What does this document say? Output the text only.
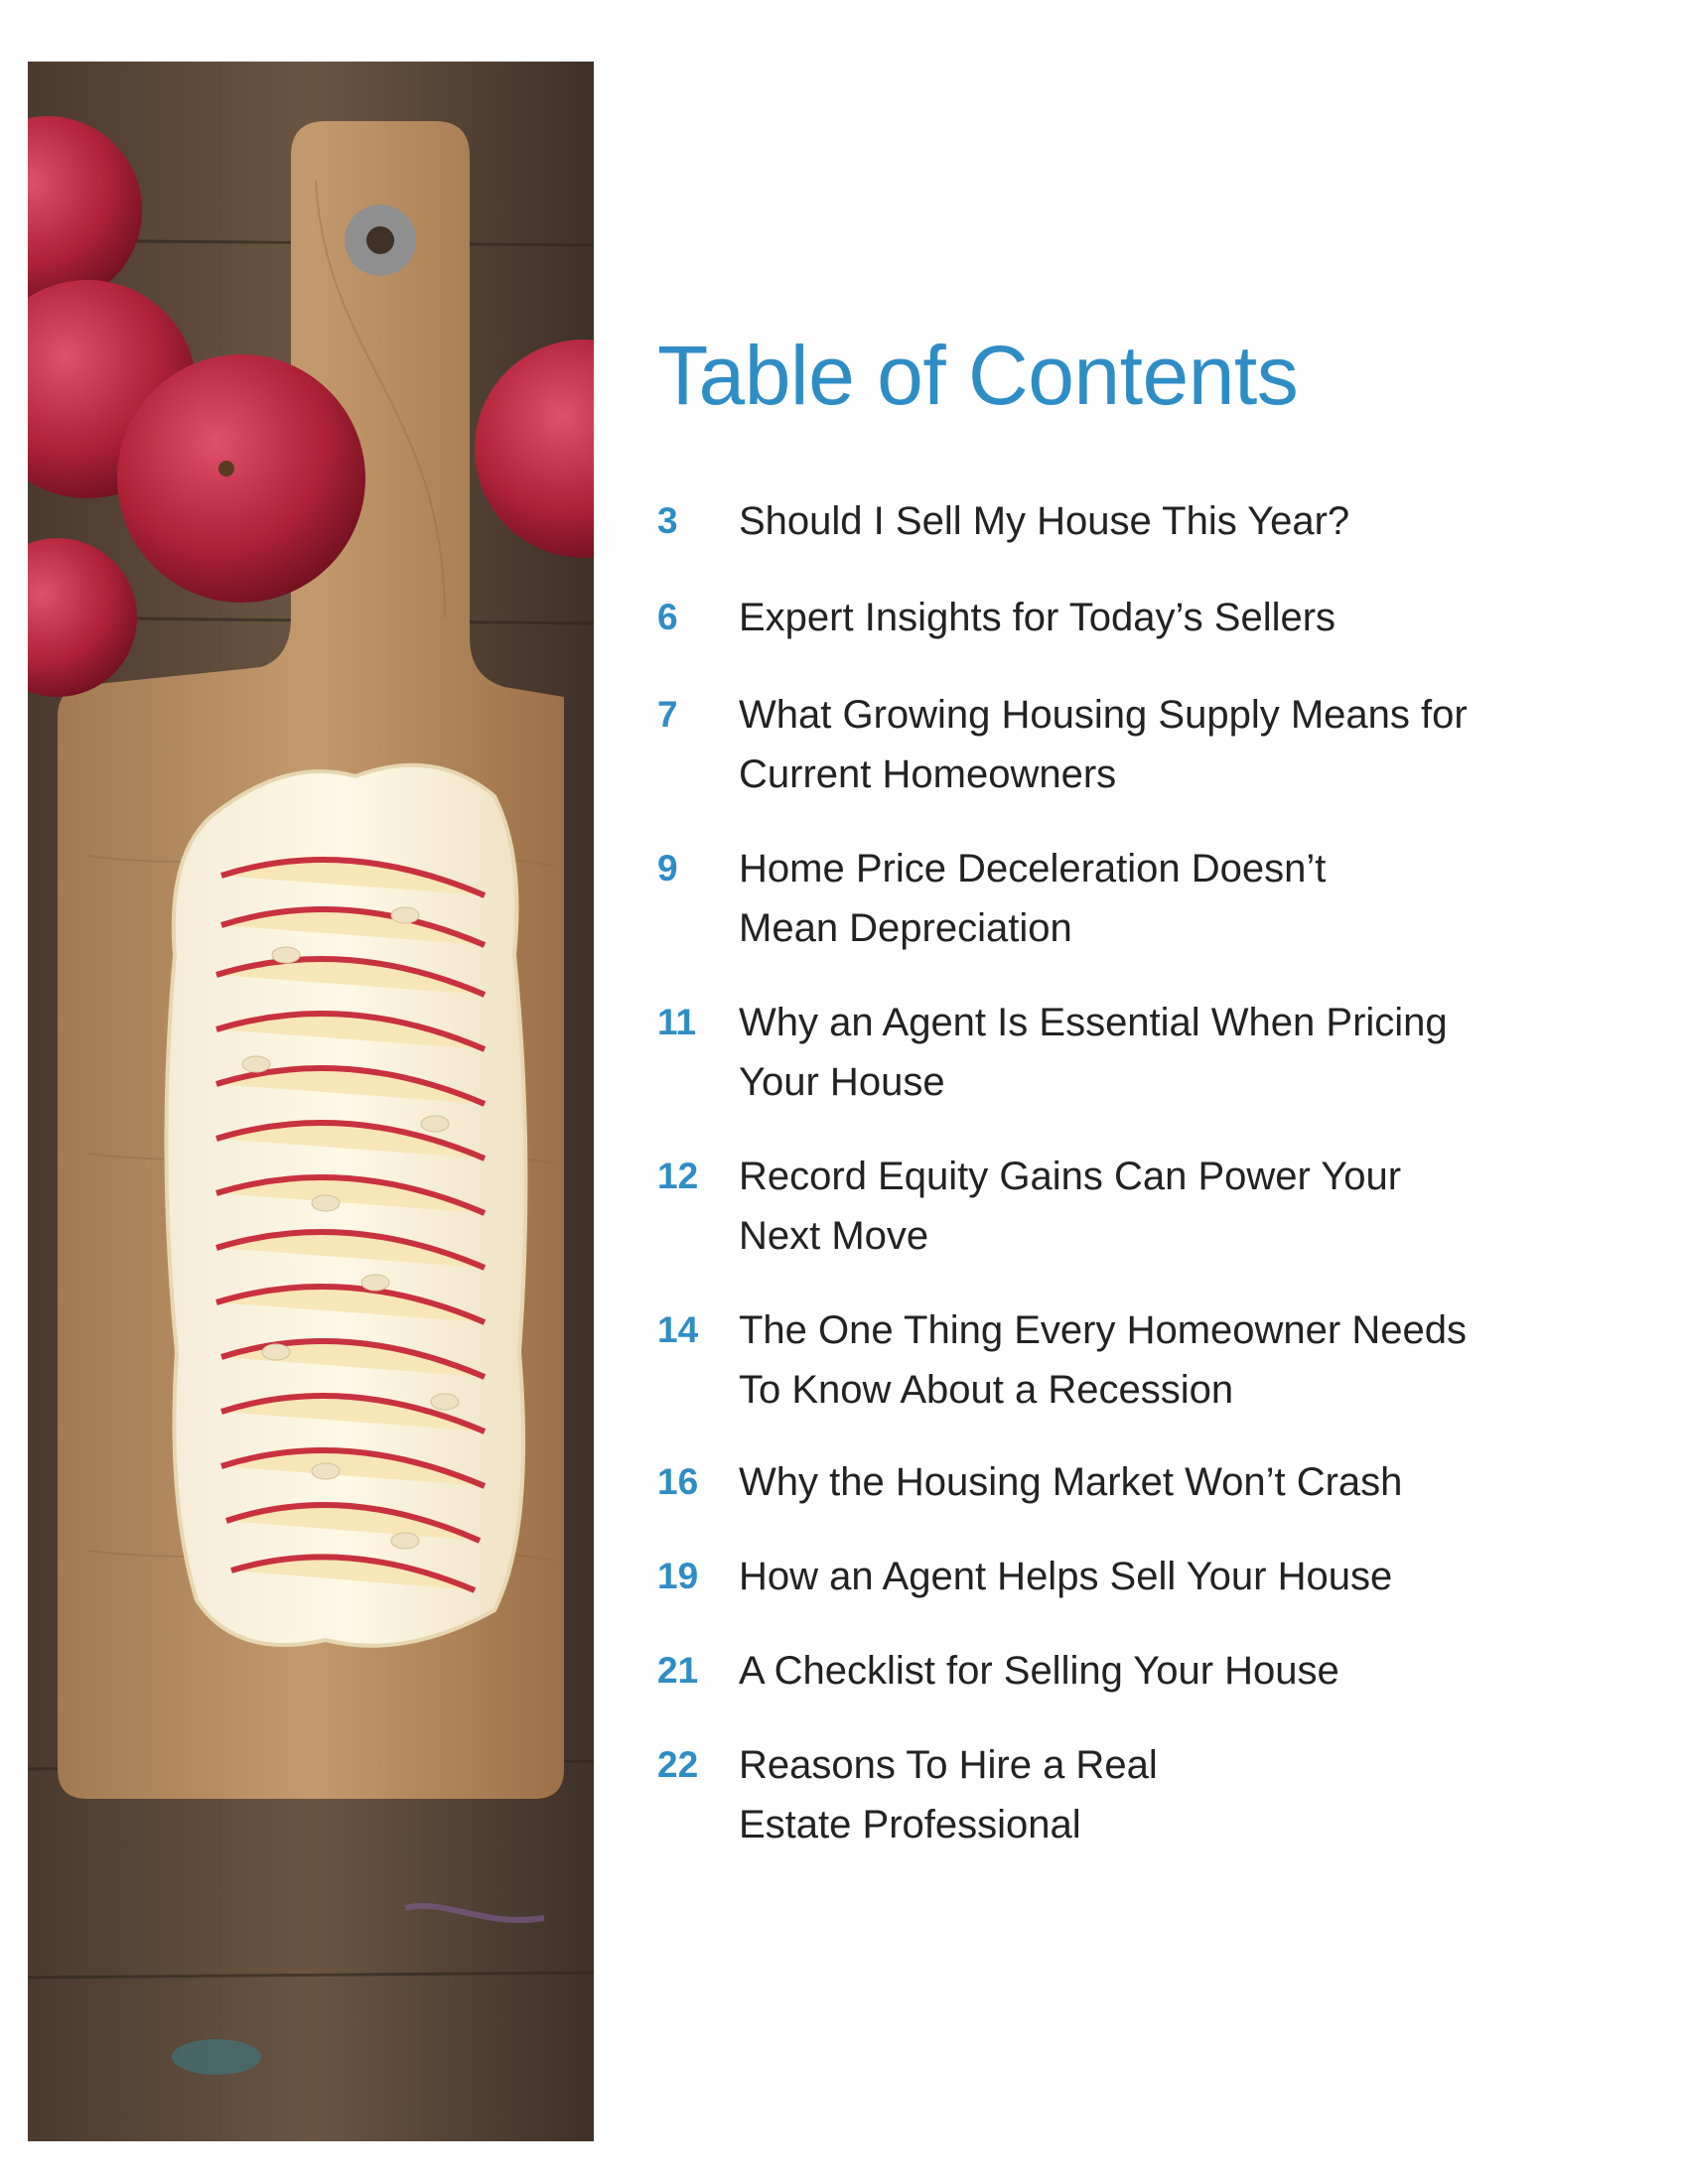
Table of Contents
3	Should I Sell My House This Year?
6	Expert Insights for Today’s Sellers
7	What Growing Housing Supply Means for
Current Homeowners
9	Home Price Deceleration Doesn’t
Mean Depreciation
11	Why an Agent Is Essential When Pricing
Your House
12	Record Equity Gains Can Power Your
Next Move
14	The One Thing Every Homeowner Needs
To Know About a Recession
16	Why the Housing Market Won’t Crash
19	How an Agent Helps Sell Your House
21	A Checklist for Selling Your House
22	Reasons To Hire a Real
Estate Professional
